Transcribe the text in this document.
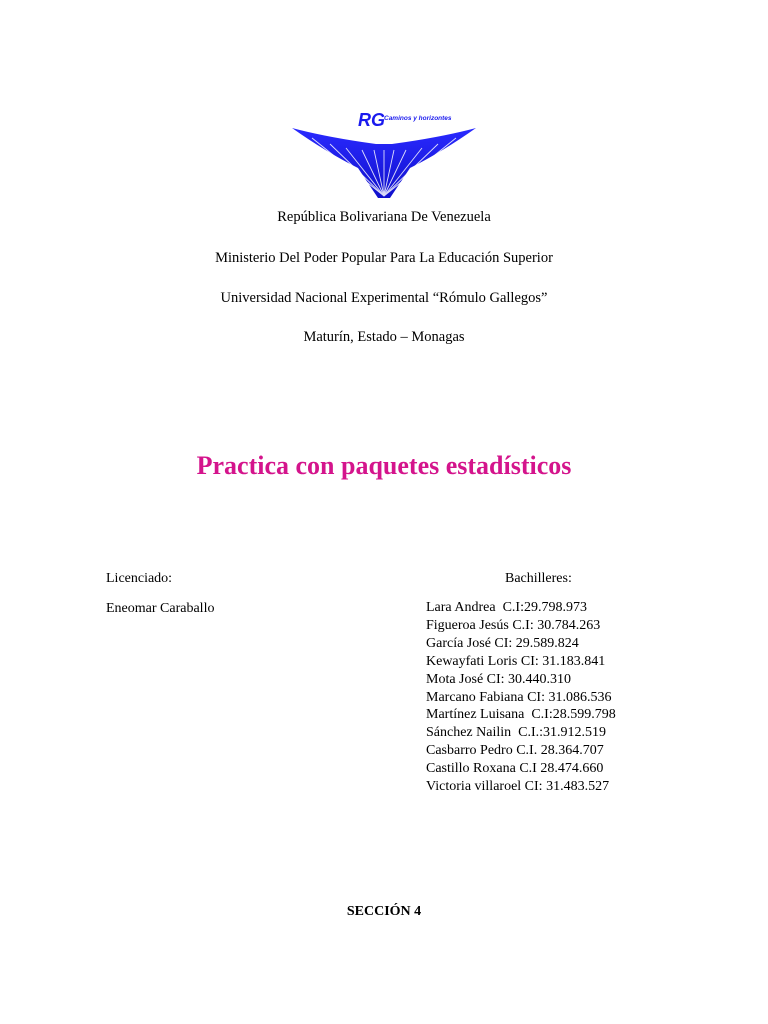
RG Caminos y horizontes
República Bolivariana De Venezuela
Ministerio Del Poder Popular Para La Educación Superior
Universidad Nacional Experimental “Rómulo Gallegos”
Maturín, Estado – Monagas
Practica con paquetes estadísticos
Licenciado:
Eneomar Caraballo
Bachilleres:
Lara Andrea  C.I:29.798.973
Figueroa Jesús C.I: 30.784.263
García José CI: 29.589.824
Kewayfati Loris CI: 31.183.841
Mota José CI: 30.440.310
Marcano Fabiana CI: 31.086.536
Martínez Luisana  C.I:28.599.798
Sánchez Nailin  C.I.:31.912.519
Casbarro Pedro C.I. 28.364.707
Castillo Roxana C.I 28.474.660
Victoria villaroel CI: 31.483.527
SECCIÓN 4
